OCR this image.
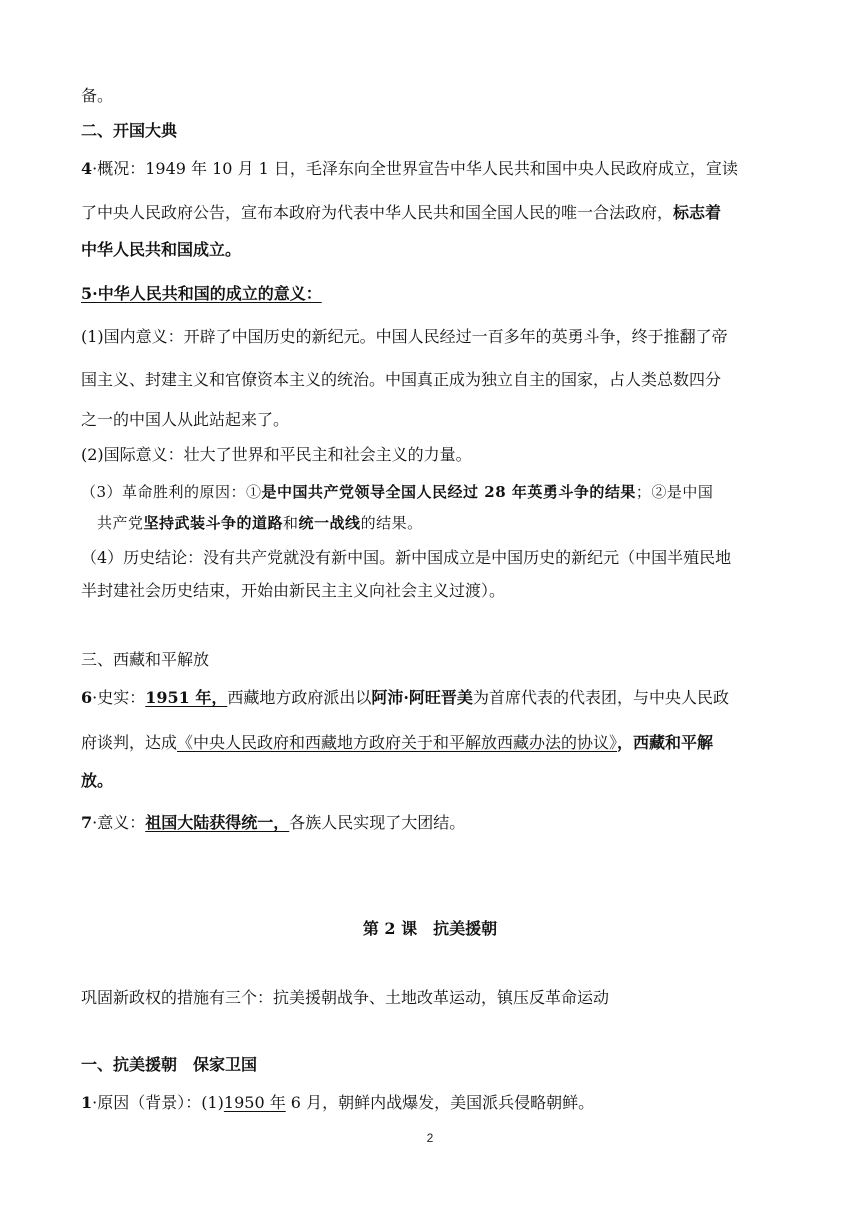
备。
二、开国大典
4·概况：1949 年 10 月 1 日，毛泽东向全世界宣告中华人民共和国中央人民政府成立，宣读
了中央人民政府公告，宣布本政府为代表中华人民共和国全国人民的唯一合法政府，标志着
中华人民共和国成立。
5·中华人民共和国的成立的意义：
(1)国内意义：开辟了中国历史的新纪元。中国人民经过一百多年的英勇斗争，终于推翻了帝
国主义、封建主义和官僚资本主义的统治。中国真正成为独立自主的国家，占人类总数四分
之一的中国人从此站起来了。
(2)国际意义：壮大了世界和平民主和社会主义的力量。
（3）革命胜利的原因：①是中国共产党领导全国人民经过 28 年英勇斗争的结果；②是中国
共产党坚持武装斗争的道路和统一战线的结果。
（4）历史结论：没有共产党就没有新中国。新中国成立是中国历史的新纪元（中国半殖民地
半封建社会历史结束，开始由新民主主义向社会主义过渡）。
三、西藏和平解放
6·史实：1951 年，西藏地方政府派出以阿沛·阿旺晋美为首席代表的代表团，与中央人民政
府谈判，达成《中央人民政府和西藏地方政府关于和平解放西藏办法的协议》，西藏和平解
放。
7·意义：祖国大陆获得统一，各族人民实现了大团结。
第 2 课　抗美援朝
巩固新政权的措施有三个：抗美援朝战争、土地改革运动，镇压反革命运动
一、抗美援朝　保家卫国
1·原因（背景）：(1)1950 年 6 月，朝鲜内战爆发，美国派兵侵略朝鲜。
2
